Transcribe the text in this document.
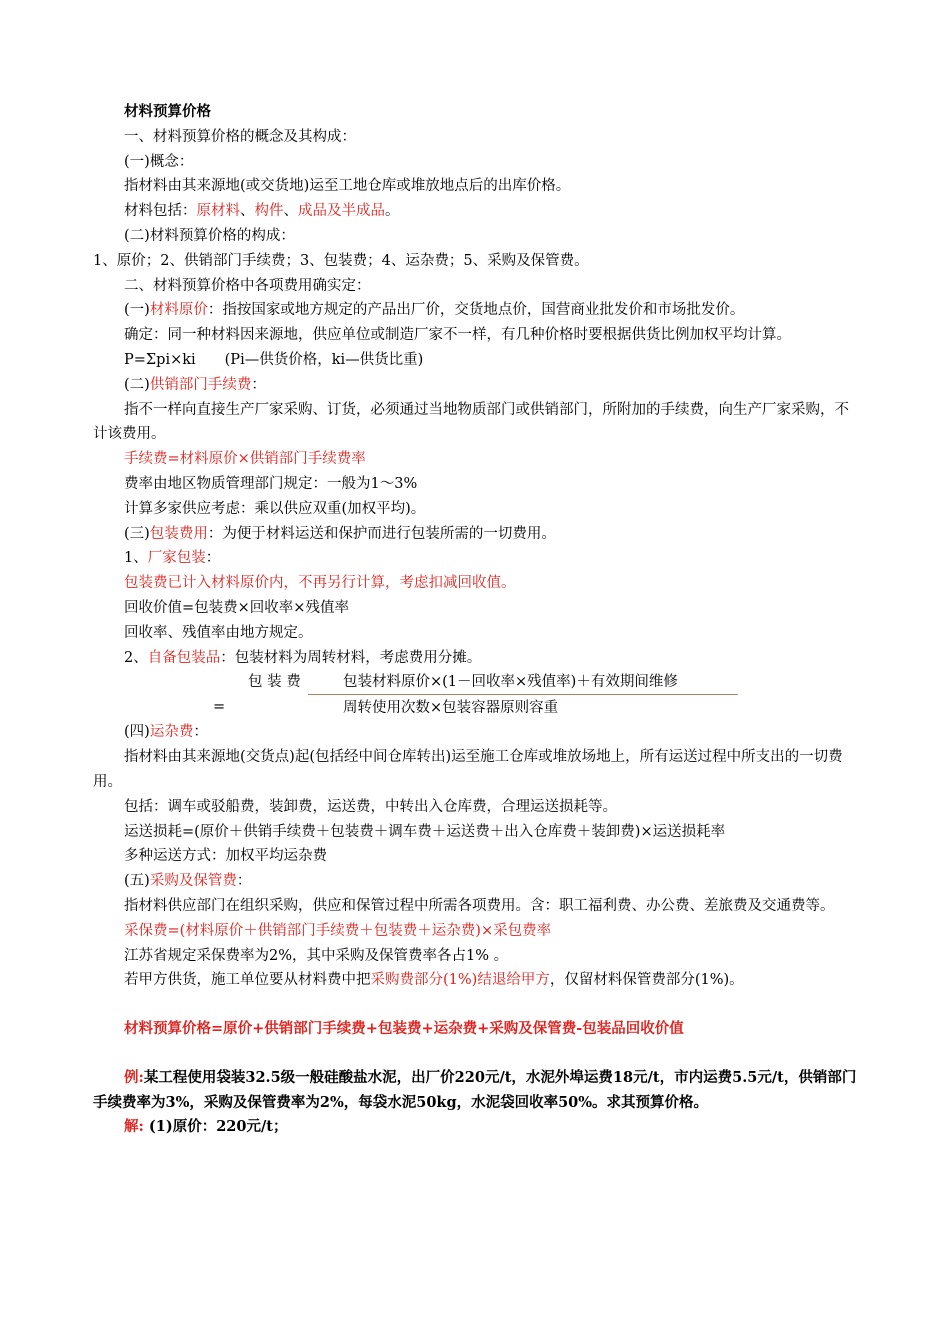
材料预算价格

一、材料预算价格的概念及其构成：

(一)概念：

指材料由其来源地(或交货地)运至工地仓库或堆放地点后的出库价格。

材料包括：原材料、构件、成品及半成品。

(二)材料预算价格的构成：

1、原价；2、供销部门手续费；3、包装费；4、运杂费；5、采购及保管费。

二、材料预算价格中各项费用确实定：

(一)材料原价：指按国家或地方规定的产品出厂价，交货地点价，国营商业批发价和市场批发价。

确定：同一种材料因来源地，供应单位或制造厂家不一样，有几种价格时要根据供货比例加权平均计算。

P=Σpi×ki　　(Pi—供货价格，ki—供货比重)

(二)供销部门手续费：

指不一样向直接生产厂家采购、订货，必须通过当地物质部门或供销部门，所附加的手续费，向生产厂家采购，不计该费用。

手续费=材料原价×供销部门手续费率

费率由地区物质管理部门规定：一般为1～3%

计算多家供应考虑：乘以供应双重(加权平均)。

(三)包装费用：为便于材料运送和保护而进行包装所需的一切费用。

1、厂家包装：

包装费已计入材料原价内，不再另行计算，考虑扣减回收值。

回收价值=包装费×回收率×残值率

回收率、残值率由地方规定。

2、自备包装品：包装材料为周转材料，考虑费用分摊。

包 装 费
=
包装材料原价×(1－回收率×残值率)＋有效期间维修
周转使用次数×包装容器原则容重

(四)运杂费：

指材料由其来源地(交货点)起(包括经中间仓库转出)运至施工仓库或堆放场地上，所有运送过程中所支出的一切费用。

包括：调车或驳船费，装卸费，运送费，中转出入仓库费，合理运送损耗等。

运送损耗=(原价＋供销手续费＋包装费＋调车费＋运送费＋出入仓库费＋装卸费)×运送损耗率

多种运送方式：加权平均运杂费

(五)采购及保管费：

指材料供应部门在组织采购，供应和保管过程中所需各项费用。含：职工福利费、办公费、差旅费及交通费等。

采保费=(材料原价＋供销部门手续费＋包装费＋运杂费)×采包费率

江苏省规定采保费率为2%，其中采购及保管费率各占1% 。

若甲方供货，施工单位要从材料费中把采购费部分(1%)结退给甲方，仅留材料保管费部分(1%)。

材料预算价格=原价+供销部门手续费+包装费+运杂费+采购及保管费-包装品回收价值

例:某工程使用袋装32.5级一般硅酸盐水泥，出厂价220元/t，水泥外埠运费18元/t，市内运费5.5元/t，供销部门手续费率为3%，采购及保管费率为2%，每袋水泥50kg，水泥袋回收率50%。求其预算价格。

解: (1)原价：220元/t；
